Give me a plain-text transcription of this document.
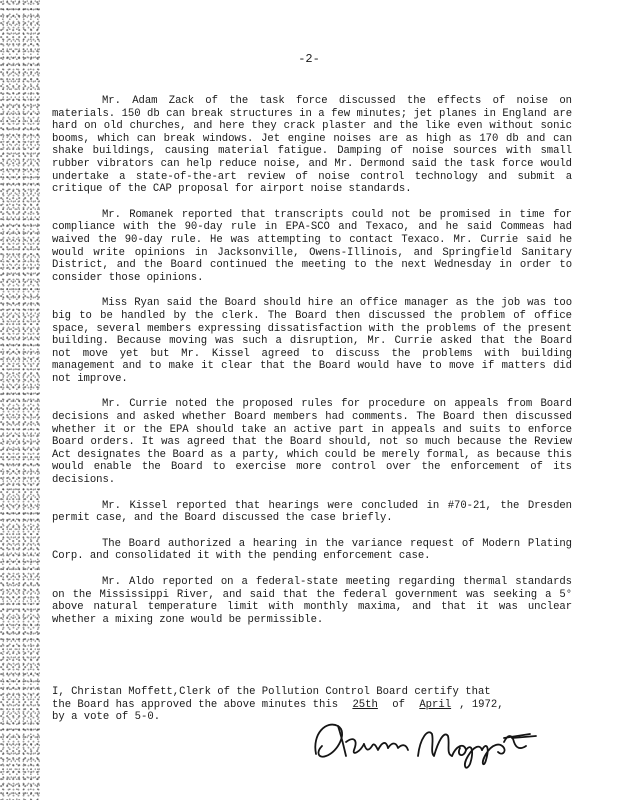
-2-

Mr. Adam Zack of the task force discussed the effects of noise on materials. 150 db can break structures in a few minutes; jet planes in England are hard on old churches, and here they crack plaster and the like even without sonic booms, which can break windows. Jet engine noises are as high as 170 db and can shake buildings, causing material fatigue. Damping of noise sources with small rubber vibrators can help reduce noise, and Mr. Dermond said the task force would undertake a state-of-the-art review of noise control technology and submit a critique of the CAP proposal for airport noise standards.

Mr. Romanek reported that transcripts could not be promised in time for compliance with the 90-day rule in EPA-SCO and Texaco, and he said Commeas had waived the 90-day rule. He was attempting to contact Texaco. Mr. Currie said he would write opinions in Jacksonville, Owens-Illinois, and Springfield Sanitary District, and the Board continued the meeting to the next Wednesday in order to consider those opinions.

Miss Ryan said the Board should hire an office manager as the job was too big to be handled by the clerk. The Board then discussed the problem of office space, several members expressing dissatisfaction with the problems of the present building. Because moving was such a disruption, Mr. Currie asked that the Board not move yet but Mr. Kissel agreed to discuss the problems with building management and to make it clear that the Board would have to move if matters did not improve.

Mr. Currie noted the proposed rules for procedure on appeals from Board decisions and asked whether Board members had comments. The Board then discussed whether it or the EPA should take an active part in appeals and suits to enforce Board orders. It was agreed that the Board should, not so much because the Review Act designates the Board as a party, which could be merely formal, as because this would enable the Board to exercise more control over the enforcement of its decisions.

Mr. Kissel reported that hearings were concluded in #70-21, the Dresden permit case, and the Board discussed the case briefly.

The Board authorized a hearing in the variance request of Modern Plating Corp. and consolidated it with the pending enforcement case.

Mr. Aldo reported on a federal-state meeting regarding thermal standards on the Mississippi River, and said that the federal government was seeking a 5° above natural temperature limit with monthly maxima, and that it was unclear whether a mixing zone would be permissible.

I, Christan Moffett,Clerk of the Pollution Control Board certify that
the Board has approved the above minutes this 25th of April , 1972,
by a vote of 5-0.
